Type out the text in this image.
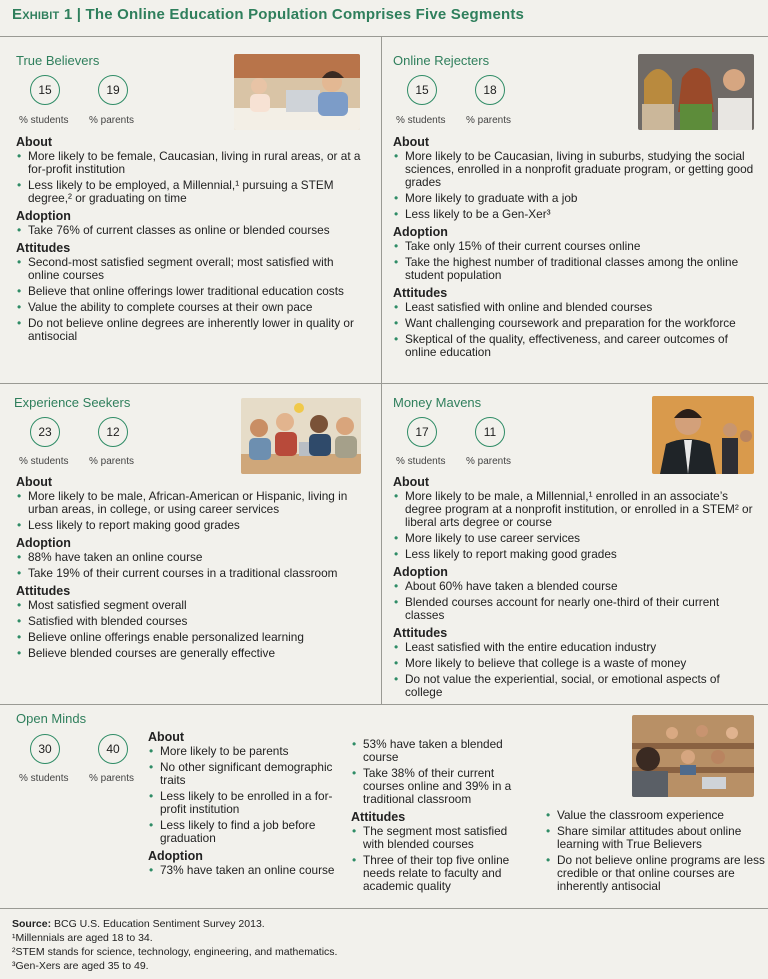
Exhibit 1 | The Online Education Population Comprises Five Segments
True Believers
15	19
% students % parents
About
• More likely to be female, Caucasian, living in rural areas, or at a for-profit institution
• Less likely to be employed, a Millennial,¹ pursuing a STEM degree,² or graduating on time
Adoption
• Take 76% of current classes as online or blended courses
Attitudes
• Second-most satisfied segment overall; most satisfied with online courses
• Believe that online offerings lower traditional education costs
• Value the ability to complete courses at their own pace
• Do not believe online degrees are inherently lower in quality or antisocial
Online Rejecters
15	18
% students % parents
About
• More likely to be Caucasian, living in suburbs, studying the social sciences, enrolled in a nonprofit graduate program, or getting good grades
• More likely to graduate with a job
• Less likely to be a Gen-Xer³
Adoption
• Take only 15% of their current courses online
• Take the highest number of traditional classes among the online student population
Attitudes
• Least satisfied with online and blended courses
• Want challenging coursework and preparation for the workforce
• Skeptical of the quality, effectiveness, and career outcomes of online education
Experience Seekers
23	12
% students % parents
About
• More likely to be male, African-American or Hispanic, living in urban areas, in college, or using career services
• Less likely to report making good grades
Adoption
• 88% have taken an online course
• Take 19% of their current courses in a traditional classroom
Attitudes
• Most satisfied segment overall
• Satisfied with blended courses
• Believe online offerings enable personalized learning
• Believe blended courses are generally effective
Money Mavens
17	11
% students % parents
About
• More likely to be male, a Millennial,¹ enrolled in an associate’s degree program at a nonprofit institution, or enrolled in a STEM² or liberal arts degree or course
• More likely to use career services
• Less likely to report making good grades
Adoption
• About 60% have taken a blended course
• Blended courses account for nearly one-third of their current classes
Attitudes
• Least satisfied with the entire education industry
• More likely to believe that college is a waste of money
• Do not value the experiential, social, or emotional aspects of college
Open Minds
30	40
% students % parents
About
• More likely to be parents
• No other significant demographic traits
• Less likely to be enrolled in a for-profit institution
• Less likely to find a job before graduation
Adoption
• 73% have taken an online course
• 53% have taken a blended course
• Take 38% of their current courses online and 39% in a traditional classroom
Attitudes
• The segment most satisfied with blended courses
• Three of their top five online needs relate to faculty and academic quality
• Value the classroom experience
• Share similar attitudes about online learning with True Believers
• Do not believe online programs are less credible or that online courses are inherently antisocial
Source: BCG U.S. Education Sentiment Survey 2013.
¹Millennials are aged 18 to 34.
²STEM stands for science, technology, engineering, and mathematics.
³Gen-Xers are aged 35 to 49.
